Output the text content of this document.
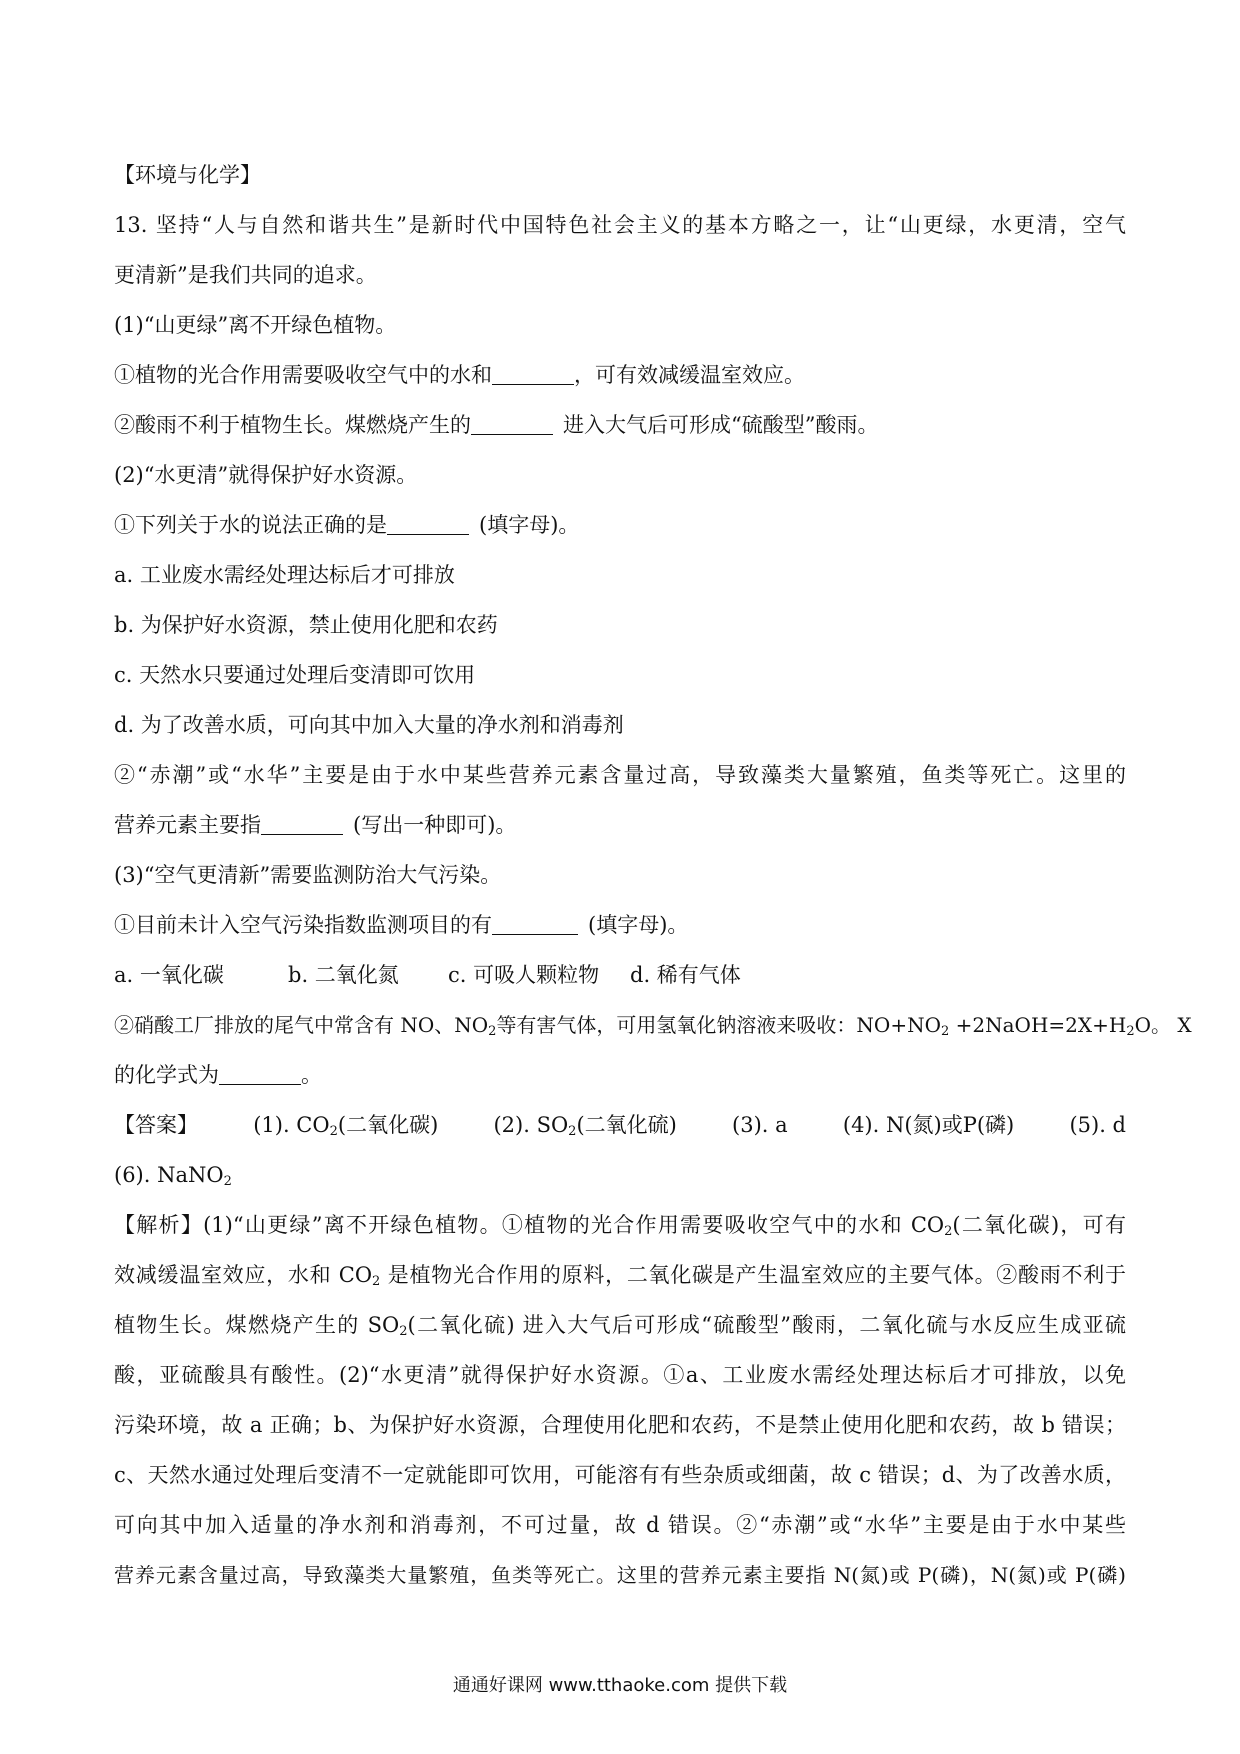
【环境与化学】
13. 坚持“人与自然和谐共生”是新时代中国特色社会主义的基本方略之一，让“山更绿，水更清，空气
更清新”是我们共同的追求。
(1)“山更绿”离不开绿色植物。
①植物的光合作用需要吸收空气中的水和	，可有效减缓温室效应。
②酸雨不利于植物生长。煤燃烧产生的	进入大气后可形成“硫酸型”酸雨。
(2)“水更清”就得保护好水资源。
①下列关于水的说法正确的是	(填字母)。
a. 工业废水需经处理达标后才可排放
b. 为保护好水资源，禁止使用化肥和农药
c. 天然水只要通过处理后变清即可饮用
d. 为了改善水质，可向其中加入大量的净水剂和消毒剂
②“赤潮”或“水华”主要是由于水中某些营养元素含量过高，导致藻类大量繁殖，鱼类等死亡。这里的
营养元素主要指	(写出一种即可)。
(3)“空气更清新”需要监测防治大气污染。
①目前未计入空气污染指数监测项目的有	(填字母)。
a. 一氧化碳	b. 二氧化氮 c. 可吸人颗粒物 d. 稀有气体
②硝酸工厂排放的尾气中常含有 NO、$NO_2$等有害气体，可用氢氧化钠溶液来吸收：$NO+NO_2$ $+2NaOH=2X+H_2O$。 X
的化学式为	。
【答案】	(1). $CO_2$(二氧化碳)	(2). $SO_2$(二氧化硫)	(3). a	(4). N(氮)或P(磷)	(5). d
(6). NaNO$_2$
【解析】(1)“山更绿”离不开绿色植物。①植物的光合作用需要吸收空气中的水和 $CO_2$(二氧化碳)，可有
效减缓温室效应，水和 $CO_2$ 是植物光合作用的原料，二氧化碳是产生温室效应的主要气体。②酸雨不利于
植物生长。煤燃烧产生的 $SO_2$(二氧化硫) 进入大气后可形成“硫酸型”酸雨，二氧化硫与水反应生成亚硫
酸，亚硫酸具有酸性。(2)“水更清”就得保护好水资源。①a、工业废水需经处理达标后才可排放，以免
污染环境，故 a 正确；b、为保护好水资源，合理使用化肥和农药，不是禁止使用化肥和农药，故 b 错误；
c、天然水通过处理后变清不一定就能即可饮用，可能溶有有些杂质或细菌，故 c 错误；d、为了改善水质，
可向其中加入适量的净水剂和消毒剂，不可过量，故 d 错误。②“赤潮”或“水华”主要是由于水中某些
营养元素含量过高，导致藻类大量繁殖，鱼类等死亡。这里的营养元素主要指 N(氮)或 P(磷)，N(氮)或 P(磷)
通通好课网 www.tthaoke.com 提供下载
